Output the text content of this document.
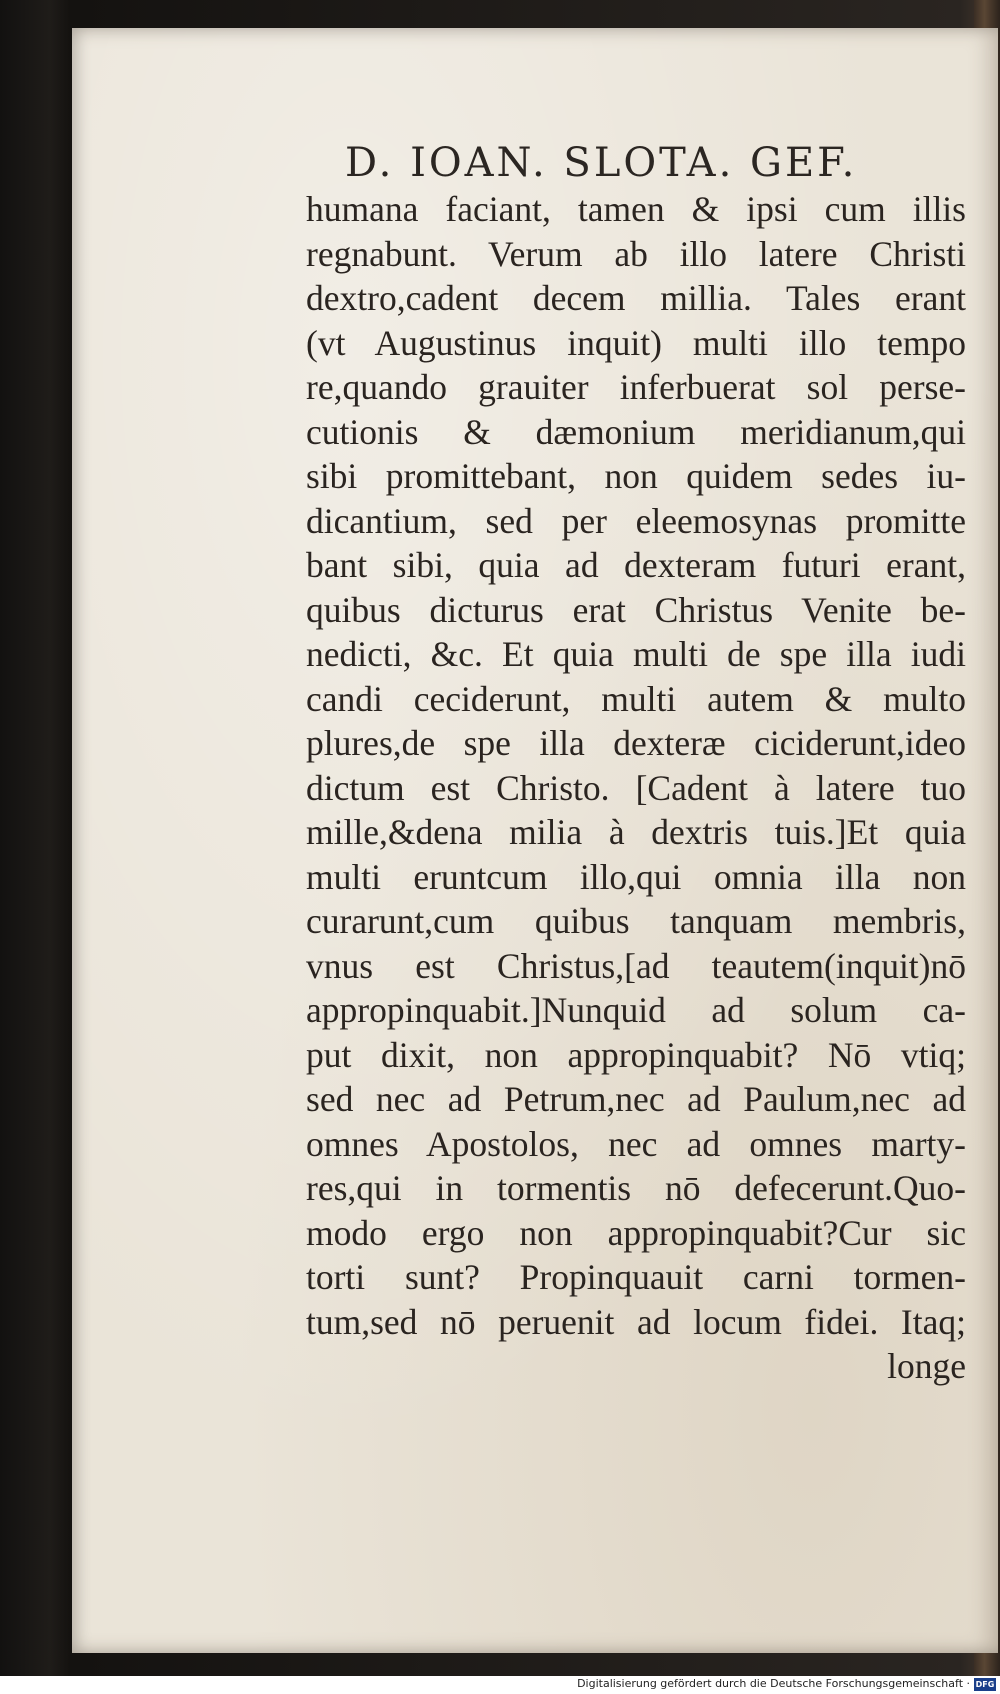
D. IOAN. SLOTA. GEF.
humana faciant, tamen & ipsi cum illis
regnabunt. Verum ab illo latere Christi
dextro,cadent decem millia. Tales erant
(vt Augustinus inquit) multi illo tempo
re,quando grauiter inferbuerat sol perse-
cutionis & dæmonium meridianum,qui
sibi promittebant, non quidem sedes iu-
dicantium, sed per eleemosynas promitte
bant sibi, quia ad dexteram futuri erant,
quibus dicturus erat Christus Venite be-
nedicti, &c. Et quia multi de spe illa iudi
candi ceciderunt, multi autem & multo
plures,de spe illa dexteræ ciciderunt,ideo
dictum est Christo. [Cadent à latere tuo
mille,&dena milia à dextris tuis.]Et quia
multi eruntcum illo,qui omnia illa non
curarunt,cum quibus tanquam membris,
vnus est Christus,[ad teautem(inquit)nō
appropinquabit.]Nunquid ad solum ca-
put dixit, non appropinquabit? Nō vtiq;
sed nec ad Petrum,nec ad Paulum,nec ad
omnes Apostolos, nec ad omnes marty-
res,qui in tormentis nō defecerunt.Quo-
modo ergo non appropinquabit?Cur sic
torti sunt? Propinquauit carni tormen-
tum,sed nō peruenit ad locum fidei. Itaq;
longe
Digitalisierung gefördert durch die Deutsche Forschungsgemeinschaft · DFG
